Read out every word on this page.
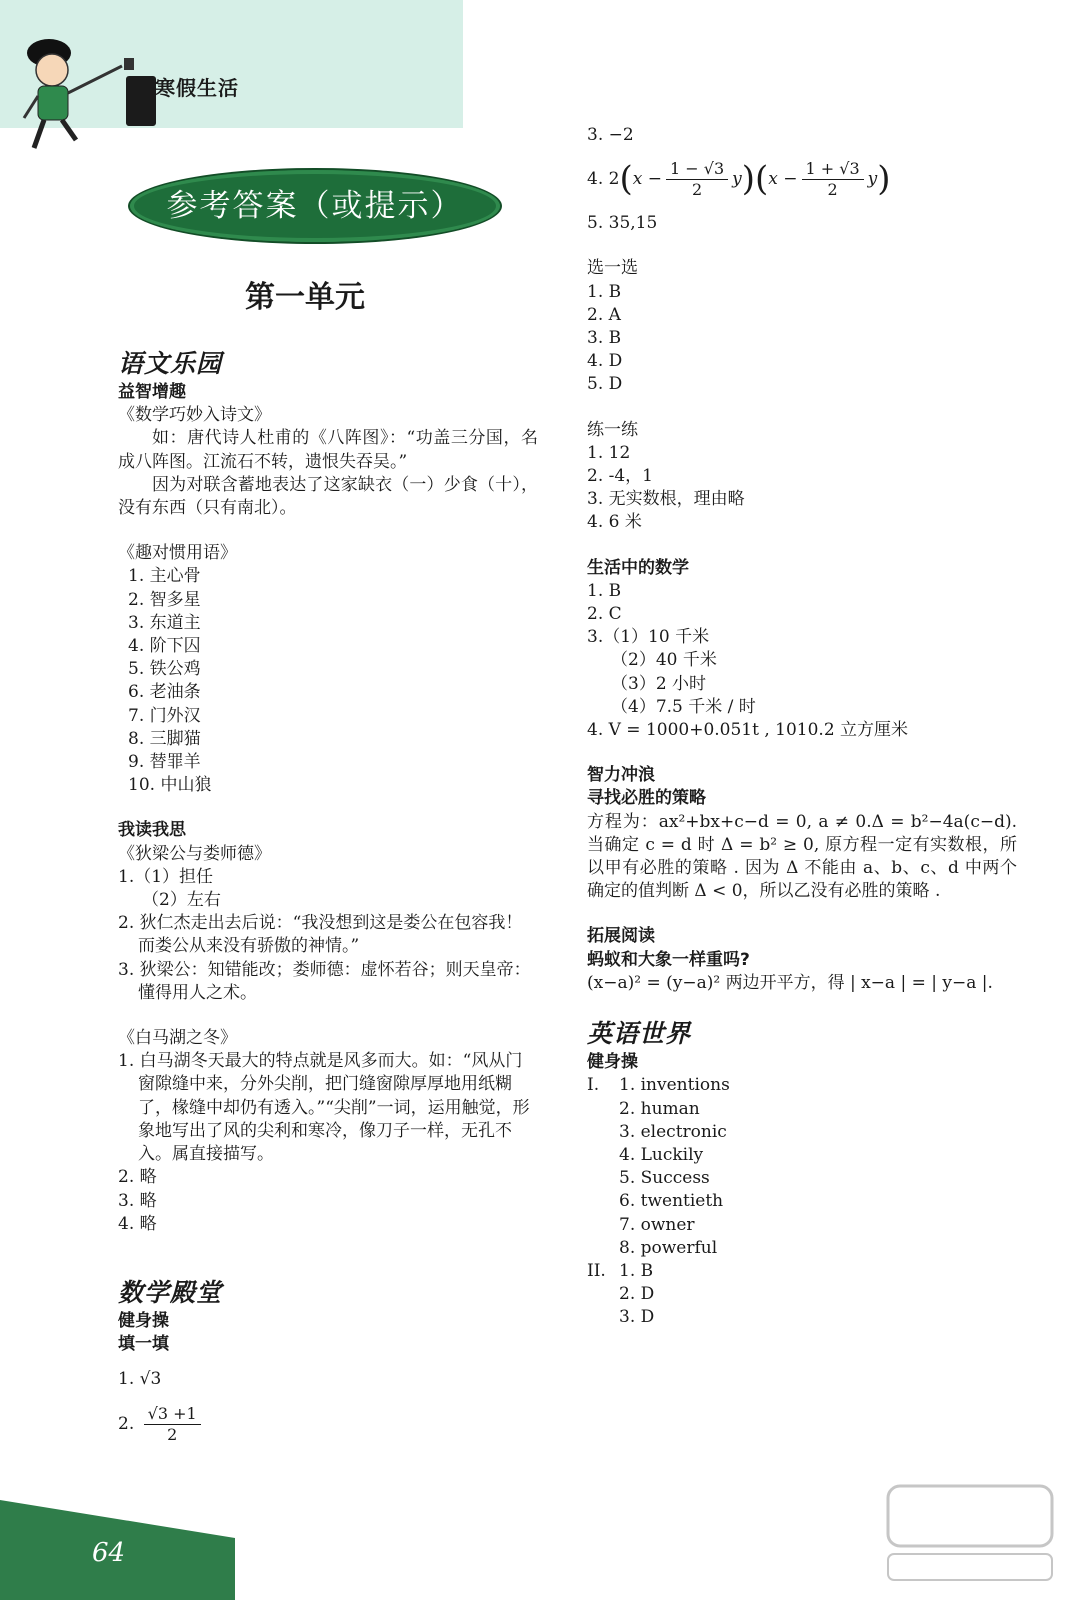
寒假生活
参考答案（或提示）
第一单元
语文乐园
益智增趣
《数学巧妙入诗文》
如：唐代诗人杜甫的《八阵图》：“功盖三分国，名成八阵图。江流石不转，遗恨失吞吴。”
因为对联含蓄地表达了这家缺衣（一）少食（十），没有东西（只有南北）。
《趣对惯用语》
1. 主心骨
2. 智多星
3. 东道主
4. 阶下囚
5. 铁公鸡
6. 老油条
7. 门外汉
8. 三脚猫
9. 替罪羊
10. 中山狼
我读我思
《狄梁公与娄师德》
1.（1）担任
（2）左右
2. 狄仁杰走出去后说：“我没想到这是娄公在包容我！而娄公从来没有骄傲的神情。”
3. 狄梁公：知错能改；娄师德：虚怀若谷；则天皇帝：懂得用人之术。
《白马湖之冬》
1. 白马湖冬天最大的特点就是风多而大。如：“风从门窗隙缝中来，分外尖削，把门缝窗隙厚厚地用纸糊了，椽缝中却仍有透入。”“尖削”一词，运用触觉，形象地写出了风的尖利和寒冷，像刀子一样，无孔不入。属直接描写。
2. 略
3. 略
4. 略
数学殿堂
健身操
填一填
1. √3
2. $\frac{√3 +1}{2}$
3. −2
4. $2(x - \frac{1 - √3}{2} y)(x - \frac{1 + √3}{2} y)$
5. 35,15
选一选
1. B
2. A
3. B
4. D
5. D
练一练
1. 12
2. -4，1
3. 无实数根，理由略
4. 6 米
生活中的数学
1. B
2. C
3.（1）10 千米
（2）40 千米
（3）2 小时
（4）7.5 千米 / 时
4. V = 1000+0.051t , 1010.2 立方厘米
智力冲浪
寻找必胜的策略
方程为：ax²+bx+c−d = 0, a ≠ 0.Δ = b²−4a(c−d). 当确定 c = d 时 Δ = b² ≥ 0, 原方程一定有实数根，所以甲有必胜的策略 . 因为 Δ 不能由 a、b、c、d 中两个确定的值判断 Δ < 0，所以乙没有必胜的策略 .
拓展阅读
蚂蚁和大象一样重吗?
(x−a)² = (y−a)² 两边开平方，得 | x−a | = | y−a |.
英语世界
健身操
I.	1. inventions
2. human
3. electronic
4. Luckily
5. Success
6. twentieth
7. owner
8. powerful
II. 1. B
2. D
3. D
64
